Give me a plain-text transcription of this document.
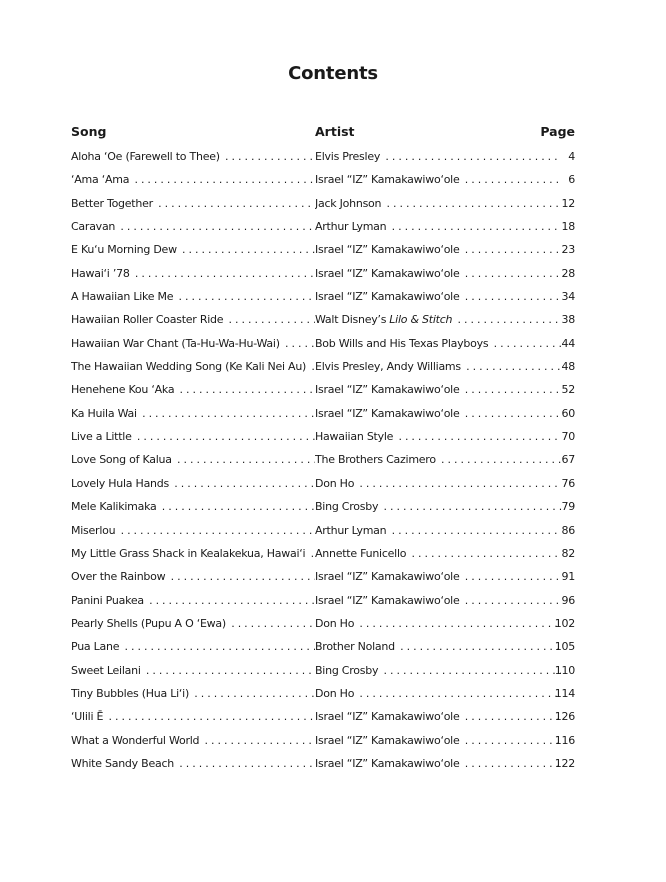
Contents
Song	Artist	Page
Aloha ‘Oe (Farewell to Thee) . . .	Elvis Presley . . .	4
‘Ama ‘Ama . . .	Israel “IZ” Kamakawiwo‘ole . . .	6
Better Together . . .	Jack Johnson . . .	12
Caravan . . .	Arthur Lyman . . .	18
E Ku‘u Morning Dew . . .	Israel “IZ” Kamakawiwo‘ole . . .	23
Hawai‘i ’78 . . .	Israel “IZ” Kamakawiwo‘ole . . .	28
A Hawaiian Like Me . . .	Israel “IZ” Kamakawiwo‘ole . . .	34
Hawaiian Roller Coaster Ride . . .	Walt Disney’s Lilo & Stitch . . .	38
Hawaiian War Chant (Ta-Hu-Wa-Hu-Wai) . . .	Bob Wills and His Texas Playboys . . .	44
The Hawaiian Wedding Song (Ke Kali Nei Au) . . . Elvis Presley, Andy Williams . . .	48
Henehene Kou ‘Aka . . .	Israel “IZ” Kamakawiwo‘ole . . .	52
Ka Huila Wai . . .	Israel “IZ” Kamakawiwo‘ole . . .	60
Live a Little . . .	Hawaiian Style . . .	70
Love Song of Kalua . . .	The Brothers Cazimero . . .	67
Lovely Hula Hands . . .	Don Ho . . .	76
Mele Kalikimaka . . .	Bing Crosby . . .	79
Miserlou . . .	Arthur Lyman . . .	86
My Little Grass Shack in Kealakekua, Hawai‘i . . . Annette Funicello . . .	82
Over the Rainbow . . .	Israel “IZ” Kamakawiwo‘ole . . .	91
Panini Puakea . . .	Israel “IZ” Kamakawiwo‘ole . . .	96
Pearly Shells (Pupu A O ‘Ewa) . . .	Don Ho . . .	102
Pua Lane . . .	Brother Noland . . .	105
Sweet Leilani . . .	Bing Crosby . . .	110
Tiny Bubbles (Hua Li‘i) . . .	Don Ho . . .	114
‘Ulili Ē . . .	Israel “IZ” Kamakawiwo‘ole . . .	126
What a Wonderful World . . .	Israel “IZ” Kamakawiwo‘ole . . .	116
White Sandy Beach . . .	Israel “IZ” Kamakawiwo‘ole . . .	122
